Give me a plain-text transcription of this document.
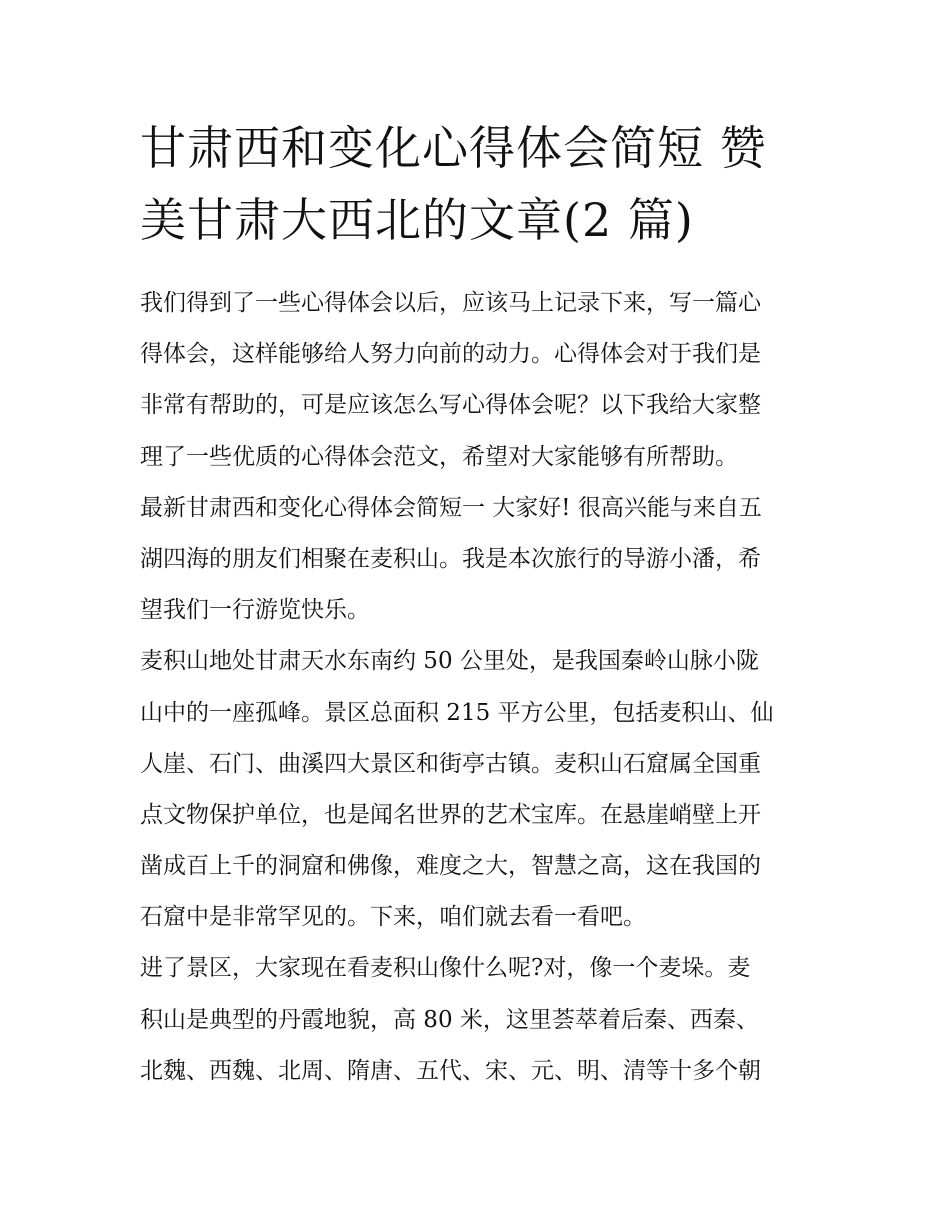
甘肃西和变化心得体会简短 赞
美甘肃大西北的文章(2 篇)

我们得到了一些心得体会以后，应该马上记录下来，写一篇心
得体会，这样能够给人努力向前的动力。心得体会对于我们是
非常有帮助的，可是应该怎么写心得体会呢？以下我给大家整
理了一些优质的心得体会范文，希望对大家能够有所帮助。

最新甘肃西和变化心得体会简短一 大家好! 很高兴能与来自五
湖四海的朋友们相聚在麦积山。我是本次旅行的导游小潘，希
望我们一行游览快乐。

麦积山地处甘肃天水东南约 50 公里处，是我国秦岭山脉小陇
山中的一座孤峰。景区总面积 215 平方公里，包括麦积山、仙
人崖、石门、曲溪四大景区和街亭古镇。麦积山石窟属全国重
点文物保护单位，也是闻名世界的艺术宝库。在悬崖峭壁上开
凿成百上千的洞窟和佛像，难度之大，智慧之高，这在我国的
石窟中是非常罕见的。下来，咱们就去看一看吧。

进了景区，大家现在看麦积山像什么呢?对，像一个麦垛。麦
积山是典型的丹霞地貌，高 80 米，这里荟萃着后秦、西秦、
北魏、西魏、北周、隋唐、五代、宋、元、明、清等十多个朝
